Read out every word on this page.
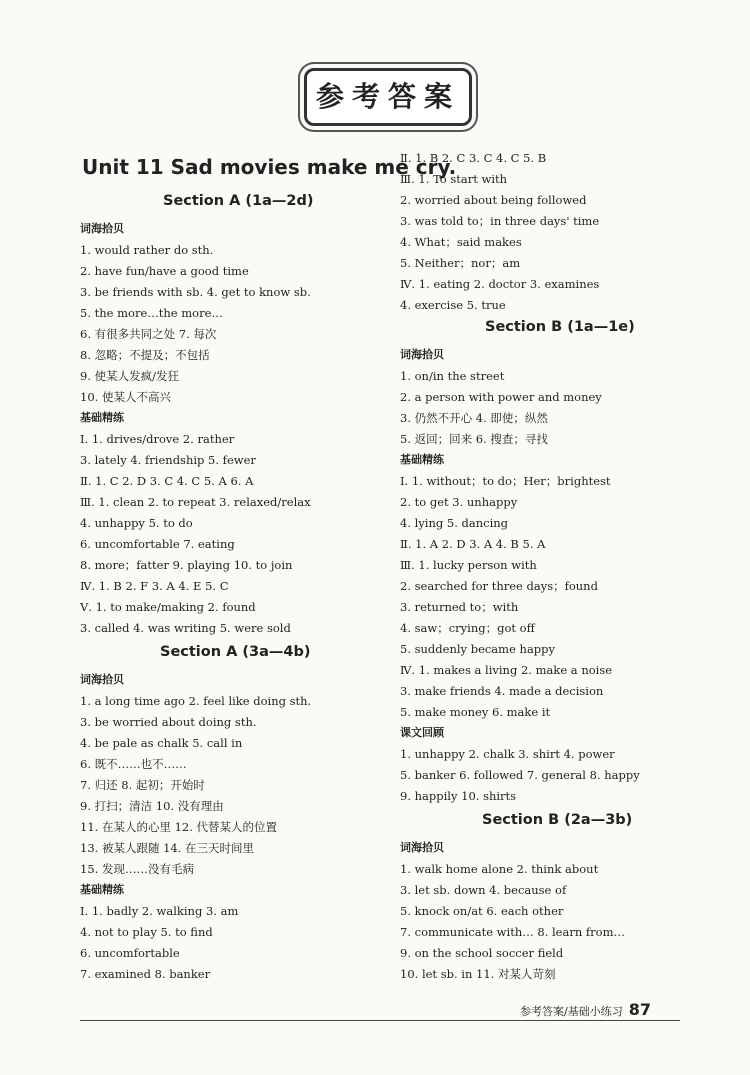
参考答案
Unit 11 Sad movies make me cry.
参考答案/基础小练习 87
Section A (1a—2d)
词海拾贝
1. would rather do sth.
2. have fun/have a good time
3. be friends with sb. 4. get to know sb.
5. the more…the more…
6. 有很多共同之处 7. 每次
8. 忽略；不提及；不包括
9. 使某人发疯/发狂
10. 使某人不高兴
基础精练
Ⅰ. 1. drives/drove 2. rather
3. lately 4. friendship 5. fewer
Ⅱ. 1. C 2. D 3. C 4. C 5. A 6. A
Ⅲ. 1. clean 2. to repeat 3. relaxed/relax
4. unhappy 5. to do
6. uncomfortable 7. eating
8. more；fatter 9. playing 10. to join
Ⅳ. 1. B 2. F 3. A 4. E 5. C
Ⅴ. 1. to make/making 2. found
3. called 4. was writing 5. were sold
Section A (3a—4b)
词海拾贝
1. a long time ago 2. feel like doing sth.
3. be worried about doing sth.
4. be pale as chalk 5. call in
6. 既不……也不……
7. 归还 8. 起初；开始时
9. 打扫；清洁 10. 没有理由
11. 在某人的心里 12. 代替某人的位置
13. 被某人跟随 14. 在三天时间里
15. 发现……没有毛病
基础精练
Ⅰ. 1. badly 2. walking 3. am
4. not to play 5. to find
6. uncomfortable
7. examined 8. banker
Ⅱ. 1. B 2. C 3. C 4. C 5. B
Ⅲ. 1. To start with
2. worried about being followed
3. was told to；in three days' time
4. What；said makes
5. Neither；nor；am
Ⅳ. 1. eating 2. doctor 3. examines
4. exercise 5. true
Section B (1a—1e)
词海拾贝
1. on/in the street
2. a person with power and money
3. 仍然不开心 4. 即使；纵然
5. 返回；回来 6. 搜查；寻找
基础精练
Ⅰ. 1. without；to do；Her；brightest
2. to get 3. unhappy
4. lying 5. dancing
Ⅱ. 1. A 2. D 3. A 4. B 5. A
Ⅲ. 1. lucky person with
2. searched for three days；found
3. returned to；with
4. saw；crying；got off
5. suddenly became happy
Ⅳ. 1. makes a living 2. make a noise
3. make friends 4. made a decision
5. make money 6. make it
课文回顾
1. unhappy 2. chalk 3. shirt 4. power
5. banker 6. followed 7. general 8. happy
9. happily 10. shirts
Section B (2a—3b)
词海拾贝
1. walk home alone 2. think about
3. let sb. down 4. because of
5. knock on/at 6. each other
7. communicate with… 8. learn from…
9. on the school soccer field
10. let sb. in 11. 对某人苛刻
